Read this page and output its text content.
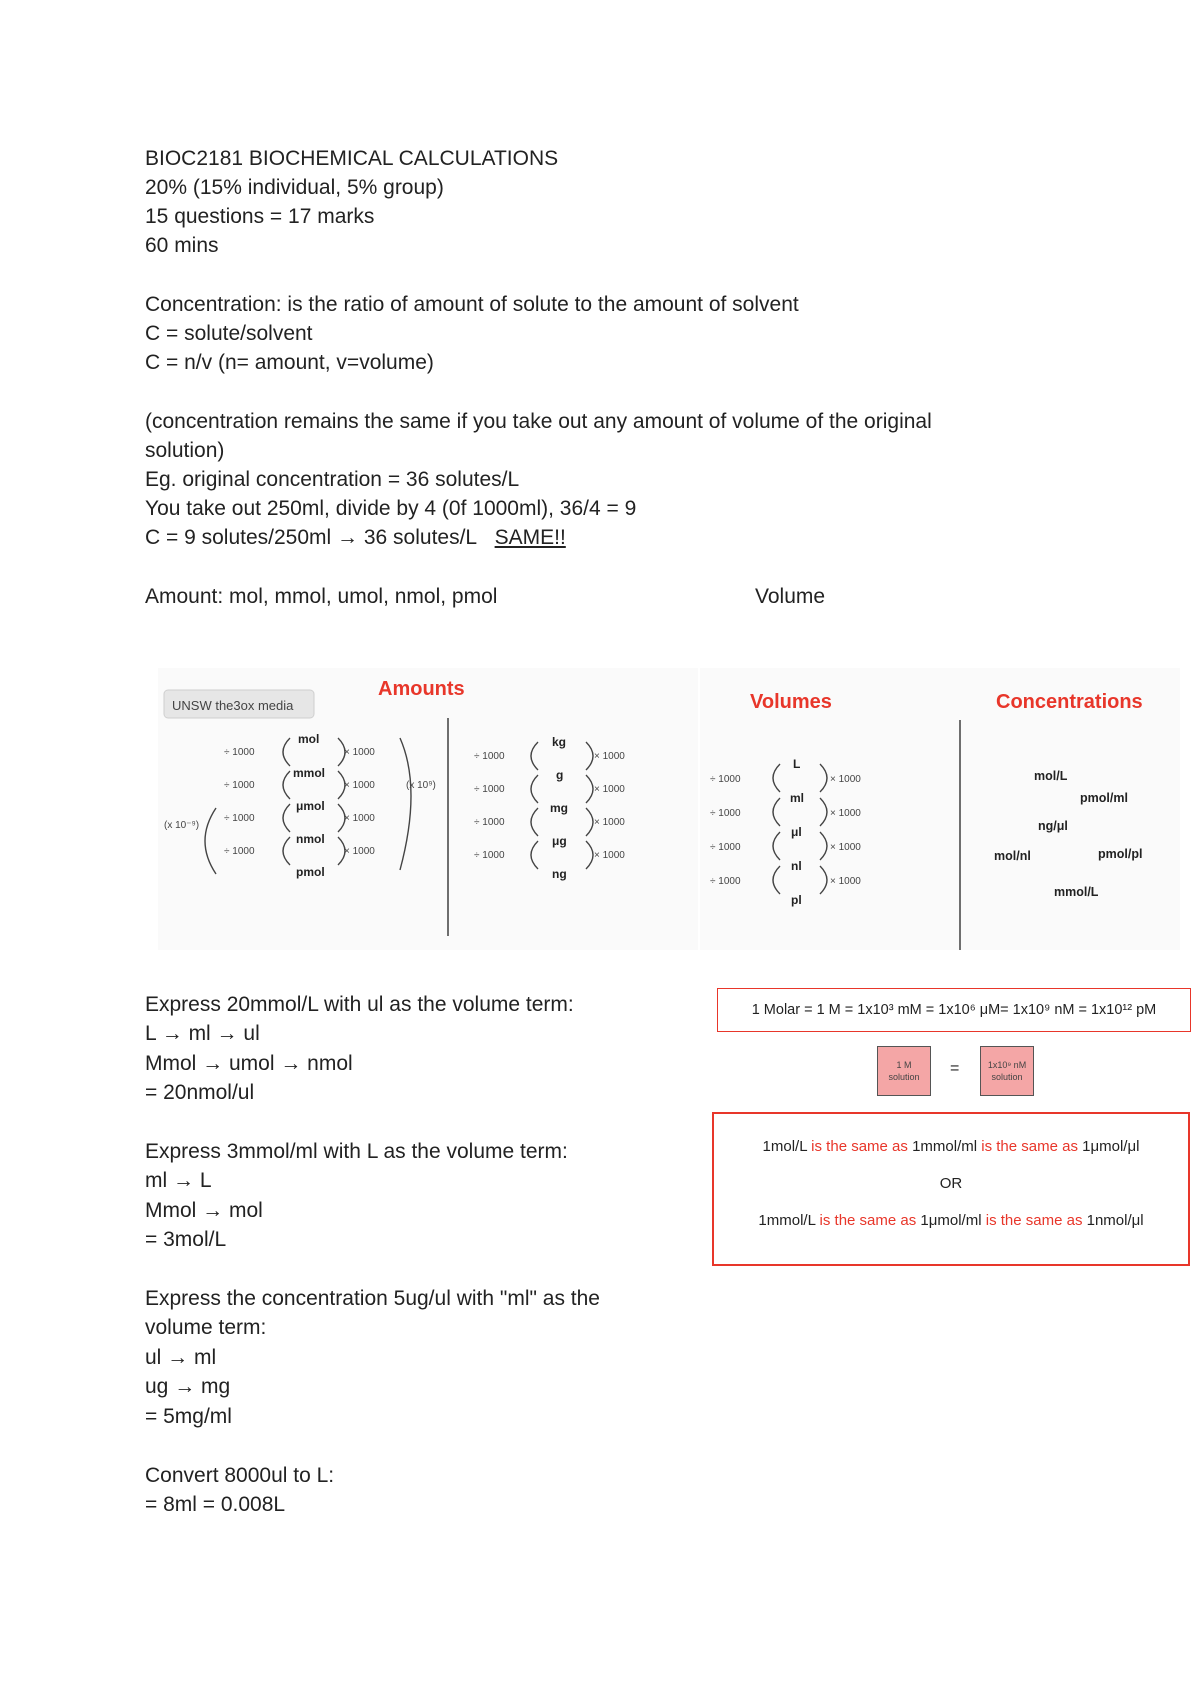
BIOC2181 BIOCHEMICAL CALCULATIONS
20% (15% individual, 5% group)
15 questions = 17 marks
60 mins
Concentration: is the ratio of amount of solute to the amount of solvent
C = solute/solvent
C = n/v (n= amount, v=volume)
(concentration remains the same if you take out any amount of volume of the original
solution)
Eg. original concentration = 36 solutes/L
You take out 250ml, divide by 4 (0f 1000ml), 36/4 = 9
C = 9 solutes/250ml → 36 solutes/L SAME!!
Amount: mol, mmol, umol, nmol, pmol	Volume
UNSW the3ox media
Amounts
mol
mmol
μmol
nmol
pmol
÷ 1000
÷ 1000
÷ 1000
÷ 1000
× 1000
× 1000
× 1000
× 1000
(x 10⁻⁹)
(x 10⁹)
kg
g
mg
μg
ng
÷ 1000
÷ 1000
÷ 1000
÷ 1000
× 1000
× 1000
× 1000
× 1000
Volumes	Concentrations
L
ml
μl
nl
pl
÷ 1000
÷ 1000
÷ 1000
÷ 1000
× 1000
× 1000
× 1000
× 1000
mol/L
pmol/ml
ng/μl
mol/nl	pmol/pl
mmol/L
Express 20mmol/L with ul as the volume term:
L → ml → ul
Mmol → umol → nmol
= 20nmol/ul
Express 3mmol/ml with L as the volume term:
ml → L
Mmol → mol
= 3mol/L
Express the concentration 5ug/ul with "ml" as the
volume term:
ul → ml
ug → mg
= 5mg/ml
Convert 8000ul to L:
= 8ml = 0.008L
1 Molar = 1 M = 1x10³ mM = 1x10⁶ μM= 1x10⁹ nM = 1x10¹² pM
1 M
solution	=	1x10⁹ nM
solution
1mol/L is the same as 1mmol/ml is the same as 1μmol/μl
OR
1mmol/L is the same as 1μmol/ml is the same as 1nmol/μl
